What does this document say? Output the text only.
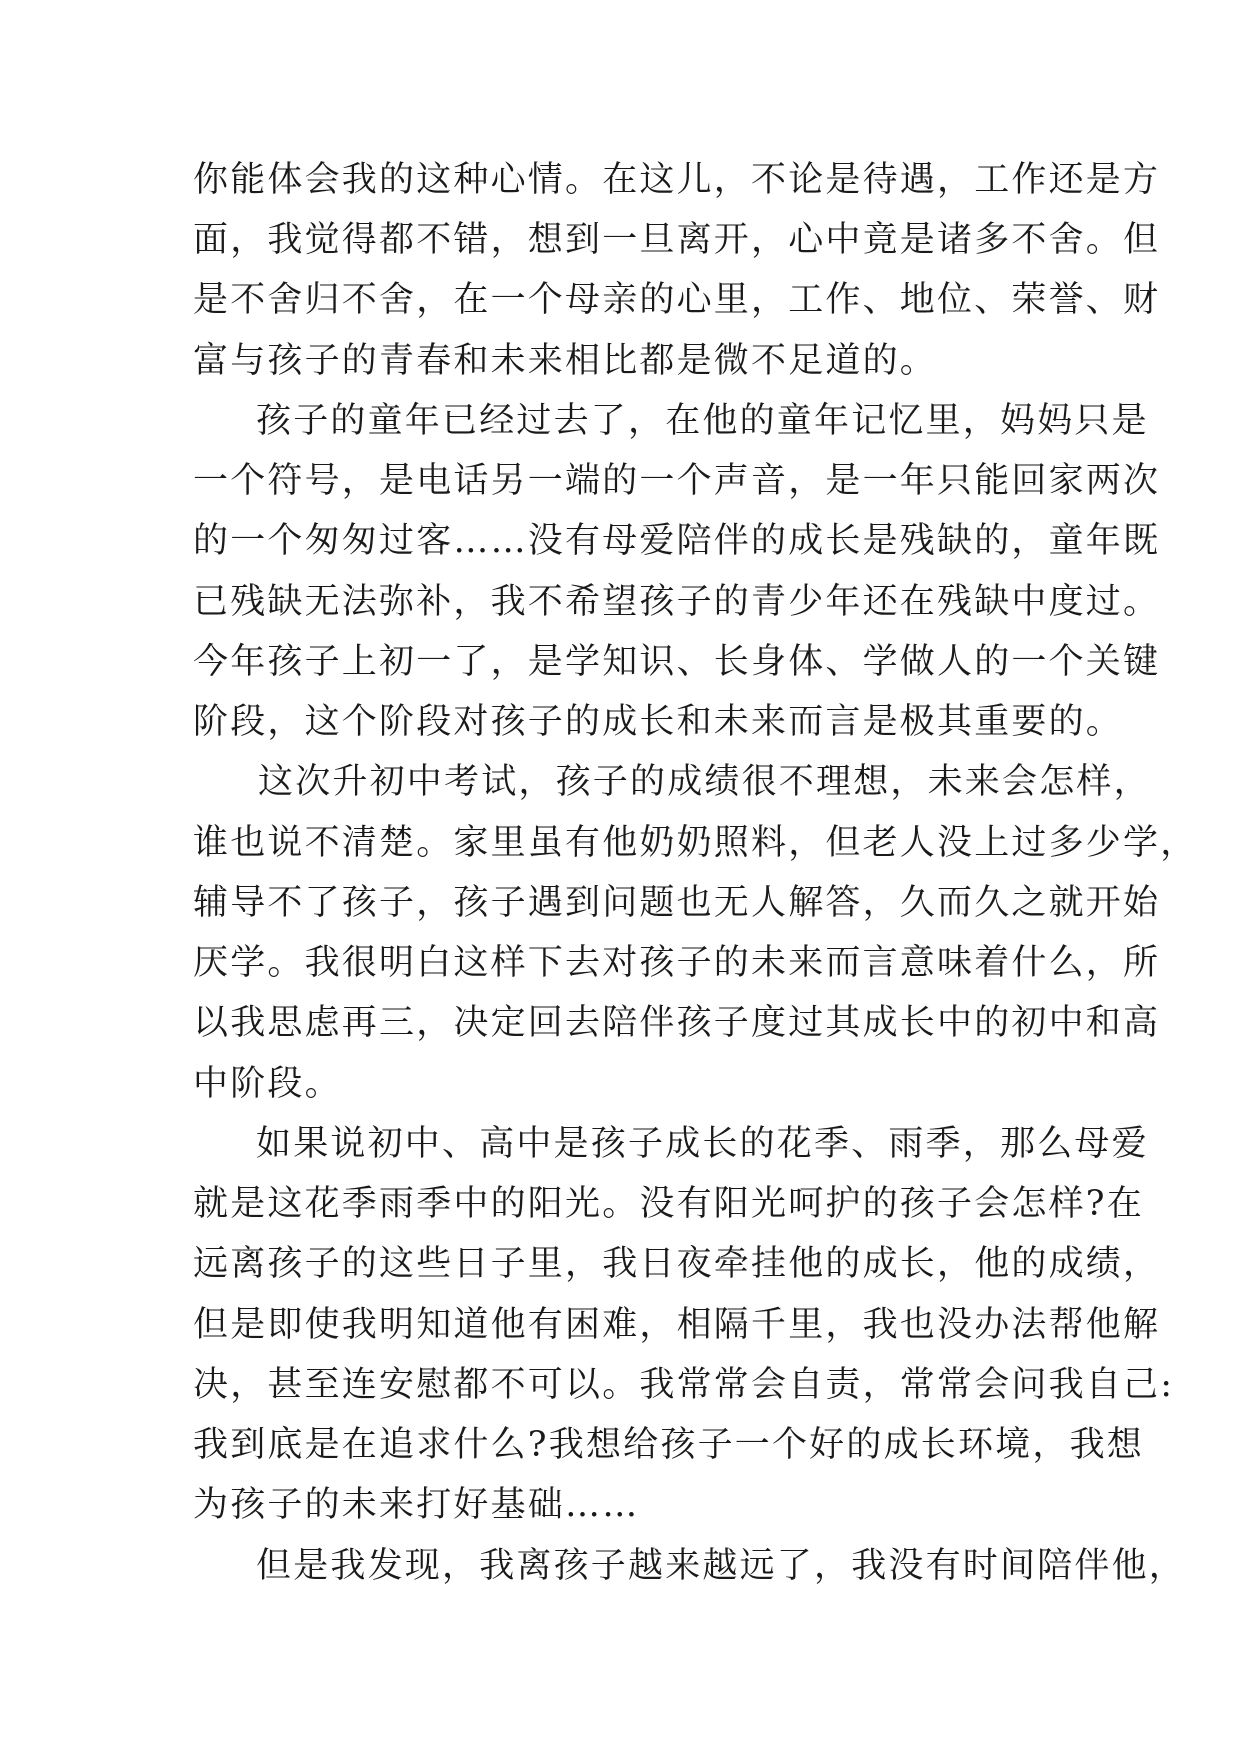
你能体会我的这种心情。在这儿，不论是待遇，工作还是方
面，我觉得都不错，想到一旦离开，心中竟是诸多不舍。但
是不舍归不舍，在一个母亲的心里，工作、地位、荣誉、财
富与孩子的青春和未来相比都是微不足道的。
孩子的童年已经过去了，在他的童年记忆里，妈妈只是
一个符号，是电话另一端的一个声音，是一年只能回家两次
的一个匆匆过客……没有母爱陪伴的成长是残缺的，童年既
已残缺无法弥补，我不希望孩子的青少年还在残缺中度过。
今年孩子上初一了，是学知识、长身体、学做人的一个关键
阶段，这个阶段对孩子的成长和未来而言是极其重要的。
这次升初中考试，孩子的成绩很不理想，未来会怎样，
谁也说不清楚。家里虽有他奶奶照料，但老人没上过多少学，
辅导不了孩子，孩子遇到问题也无人解答，久而久之就开始
厌学。我很明白这样下去对孩子的未来而言意味着什么，所
以我思虑再三，决定回去陪伴孩子度过其成长中的初中和高
中阶段。
如果说初中、高中是孩子成长的花季、雨季，那么母爱
就是这花季雨季中的阳光。没有阳光呵护的孩子会怎样?在
远离孩子的这些日子里，我日夜牵挂他的成长，他的成绩，
但是即使我明知道他有困难，相隔千里，我也没办法帮他解
决，甚至连安慰都不可以。我常常会自责，常常会问我自己:
我到底是在追求什么?我想给孩子一个好的成长环境，我想
为孩子的未来打好基础……
但是我发现，我离孩子越来越远了，我没有时间陪伴他，
